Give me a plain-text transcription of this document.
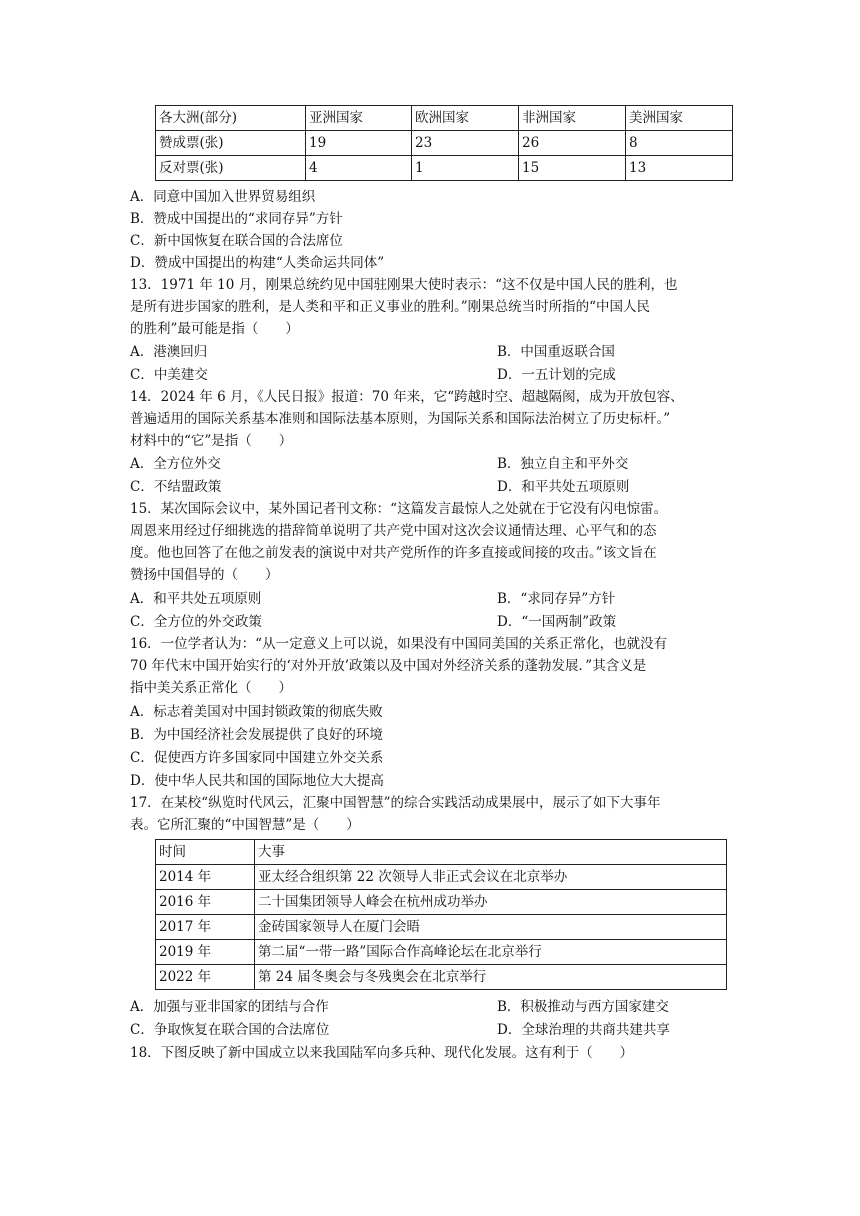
各大洲(部分)	亚洲国家	欧洲国家	非洲国家	美洲国家
赞成票(张)	19	23	26	8
反对票(张)	4	1	15	13
A．同意中国加入世界贸易组织
B．赞成中国提出的“求同存异”方针
C．新中国恢复在联合国的合法席位
D．赞成中国提出的构建“人类命运共同体”
13．1971 年 10 月，刚果总统约见中国驻刚果大使时表示：“这不仅是中国人民的胜利，也
是所有进步国家的胜利，是人类和平和正义事业的胜利。”刚果总统当时所指的“中国人民
的胜利”最可能是指（　　）
A．港澳回归	B．中国重返联合国
C．中美建交	D．一五计划的完成
14．2024 年 6 月，《人民日报》报道：70 年来，它“跨越时空、超越隔阂，成为开放包容、
普遍适用的国际关系基本准则和国际法基本原则，为国际关系和国际法治树立了历史标杆。”
材料中的“它”是指（　　）
A．全方位外交	B．独立自主和平外交
C．不结盟政策	D．和平共处五项原则
15．某次国际会议中，某外国记者刊文称：“这篇发言最惊人之处就在于它没有闪电惊雷。
周恩来用经过仔细挑选的措辞简单说明了共产党中国对这次会议通情达理、心平气和的态
度。他也回答了在他之前发表的演说中对共产党所作的许多直接或间接的攻击。”该文旨在
赞扬中国倡导的（　　）
A．和平共处五项原则	B．“求同存异”方针
C．全方位的外交政策	D．“一国两制”政策
16．一位学者认为：“从一定意义上可以说，如果没有中国同美国的关系正常化，也就没有
70 年代末中国开始实行的‘对外开放’政策以及中国对外经济关系的蓬勃发展．”其含义是
指中美关系正常化（　　）
A．标志着美国对中国封锁政策的彻底失败
B．为中国经济社会发展提供了良好的环境
C．促使西方许多国家同中国建立外交关系
D．使中华人民共和国的国际地位大大提高
17．在某校“纵览时代风云，汇聚中国智慧”的综合实践活动成果展中，展示了如下大事年
表。它所汇聚的“中国智慧”是（　　）
时间	大事
2014 年	亚太经合组织第 22 次领导人非正式会议在北京举办
2016 年	二十国集团领导人峰会在杭州成功举办
2017 年	金砖国家领导人在厦门会晤
2019 年	第二届“一带一路”国际合作高峰论坛在北京举行
2022 年	第 24 届冬奥会与冬残奥会在北京举行
A．加强与亚非国家的团结与合作	B．积极推动与西方国家建交
C．争取恢复在联合国的合法席位	D．全球治理的共商共建共享
18．下图反映了新中国成立以来我国陆军向多兵种、现代化发展。这有利于（　　）
